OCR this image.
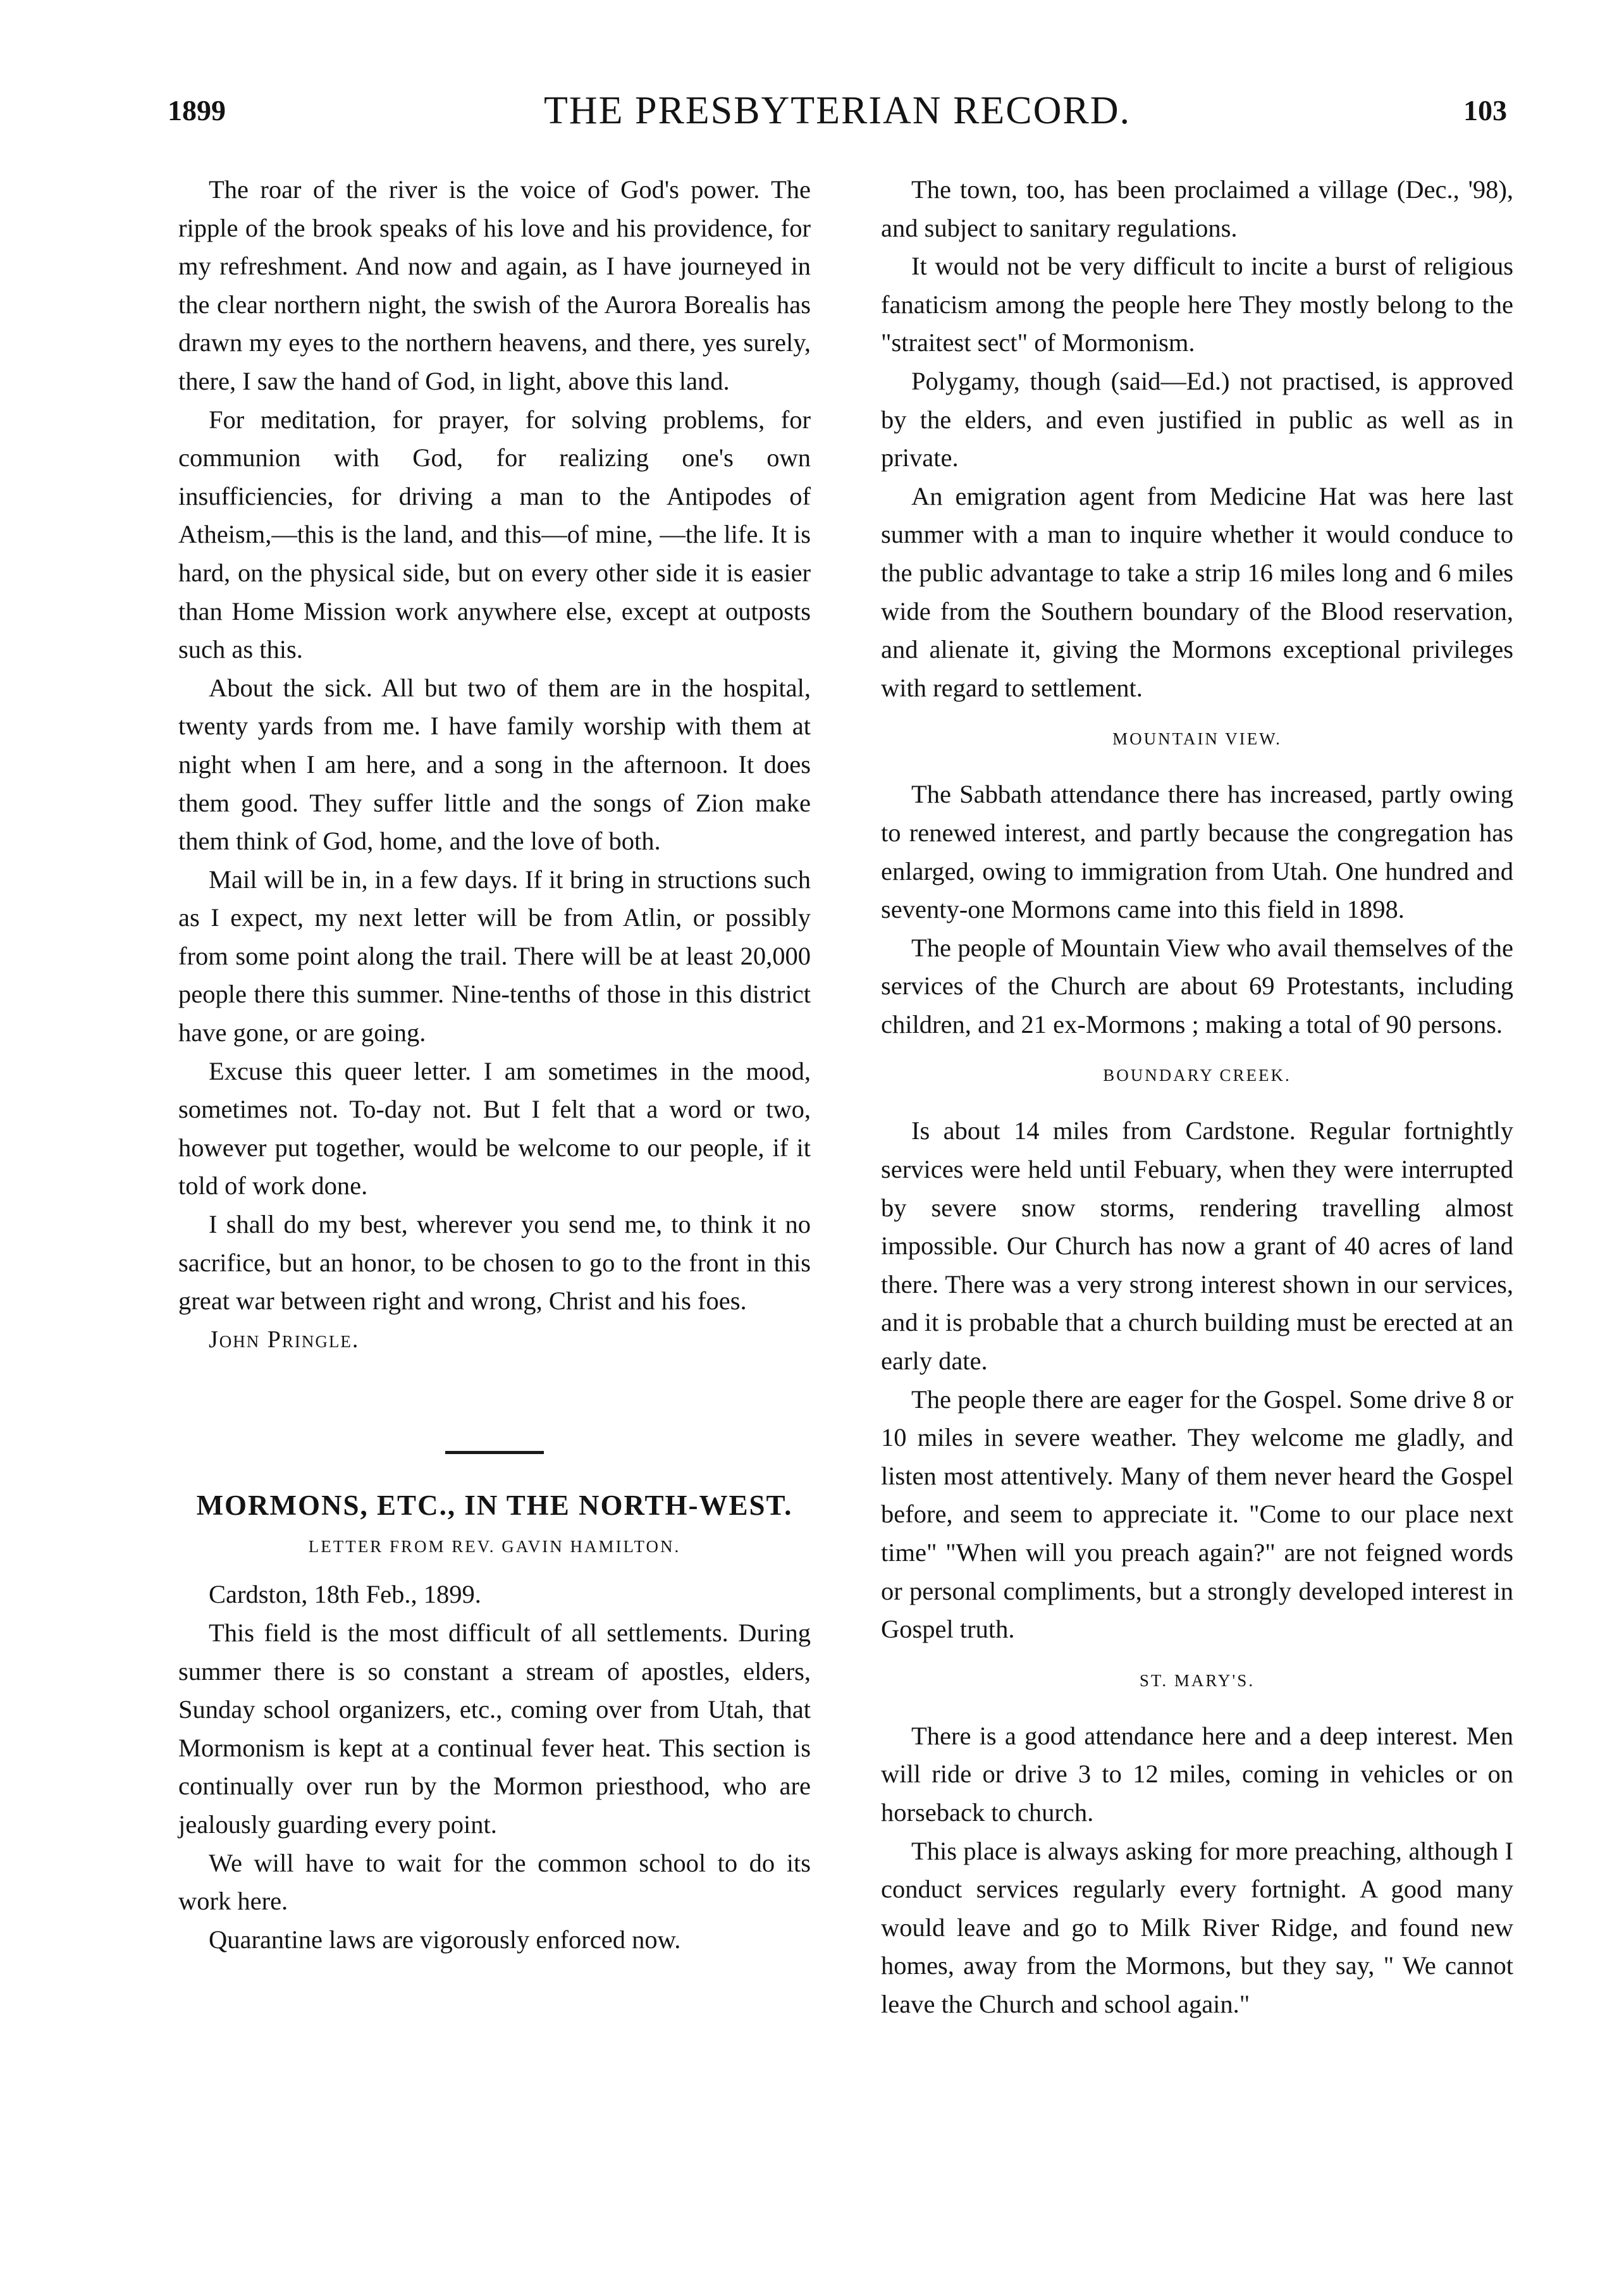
1899	THE PRESBYTERIAN RECORD.	103

The roar of the river is the voice of God's power. The ripple of the brook speaks of his love and his providence, for my refreshment. And now and again, as I have journeyed in the clear northern night, the swish of the Aurora Borealis has drawn my eyes to the northern heavens, and there, yes surely, there, I saw the hand of God, in light, above this land.

For meditation, for prayer, for solving problems, for communion with God, for realizing one's own insufficiencies, for driving a man to the Antipodes of Atheism,—this is the land, and this—of mine, —the life. It is hard, on the physical side, but on every other side it is easier than Home Mission work anywhere else, except at outposts such as this.

About the sick. All but two of them are in the hospital, twenty yards from me. I have family worship with them at night when I am here, and a song in the afternoon. It does them good. They suffer little and the songs of Zion make them think of God, home, and the love of both.

Mail will be in, in a few days. If it bring in structions such as I expect, my next letter will be from Atlin, or possibly from some point along the trail. There will be at least 20,000 people there this summer. Nine-tenths of those in this district have gone, or are going.

Excuse this queer letter. I am sometimes in the mood, sometimes not. To-day not. But I felt that a word or two, however put together, would be welcome to our people, if it told of work done.

I shall do my best, wherever you send me, to think it no sacrifice, but an honor, to be chosen to go to the front in this great war between right and wrong, Christ and his foes.

John Pringle.

MORMONS, ETC., IN THE NORTH-WEST.
LETTER FROM REV. GAVIN HAMILTON.

Cardston, 18th Feb., 1899.

This field is the most difficult of all settlements. During summer there is so constant a stream of apostles, elders, Sunday school organizers, etc., coming over from Utah, that Mormonism is kept at a continual fever heat. This section is continually over run by the Mormon priesthood, who are jealously guarding every point.

We will have to wait for the common school to do its work here.

Quarantine laws are vigorously enforced now.

The town, too, has been proclaimed a village (Dec., '98), and subject to sanitary regulations.

It would not be very difficult to incite a burst of religious fanaticism among the people here They mostly belong to the "straitest sect" of Mormonism.

Polygamy, though (said—Ed.) not practised, is approved by the elders, and even justified in public as well as in private.

An emigration agent from Medicine Hat was here last summer with a man to inquire whether it would conduce to the public advantage to take a strip 16 miles long and 6 miles wide from the Southern boundary of the Blood reservation, and alienate it, giving the Mormons exceptional privileges with regard to settlement.

MOUNTAIN VIEW.

The Sabbath attendance there has increased, partly owing to renewed interest, and partly because the congregation has enlarged, owing to immigration from Utah. One hundred and seventy-one Mormons came into this field in 1898.

The people of Mountain View who avail themselves of the services of the Church are about 69 Protestants, including children, and 21 ex-Mormons ; making a total of 90 persons.

BOUNDARY CREEK.

Is about 14 miles from Cardstone. Regular fortnightly services were held until Febuary, when they were interrupted by severe snow storms, rendering travelling almost impossible. Our Church has now a grant of 40 acres of land there. There was a very strong interest shown in our services, and it is probable that a church building must be erected at an early date.

The people there are eager for the Gospel. Some drive 8 or 10 miles in severe weather. They welcome me gladly, and listen most attentively. Many of them never heard the Gospel before, and seem to appreciate it. "Come to our place next time" "When will you preach again?" are not feigned words or personal compliments, but a strongly developed interest in Gospel truth.

ST. MARY'S.

There is a good attendance here and a deep interest. Men will ride or drive 3 to 12 miles, coming in vehicles or on horseback to church.

This place is always asking for more preaching, although I conduct services regularly every fortnight. A good many would leave and go to Milk River Ridge, and found new homes, away from the Mormons, but they say, " We cannot leave the Church and school again."
